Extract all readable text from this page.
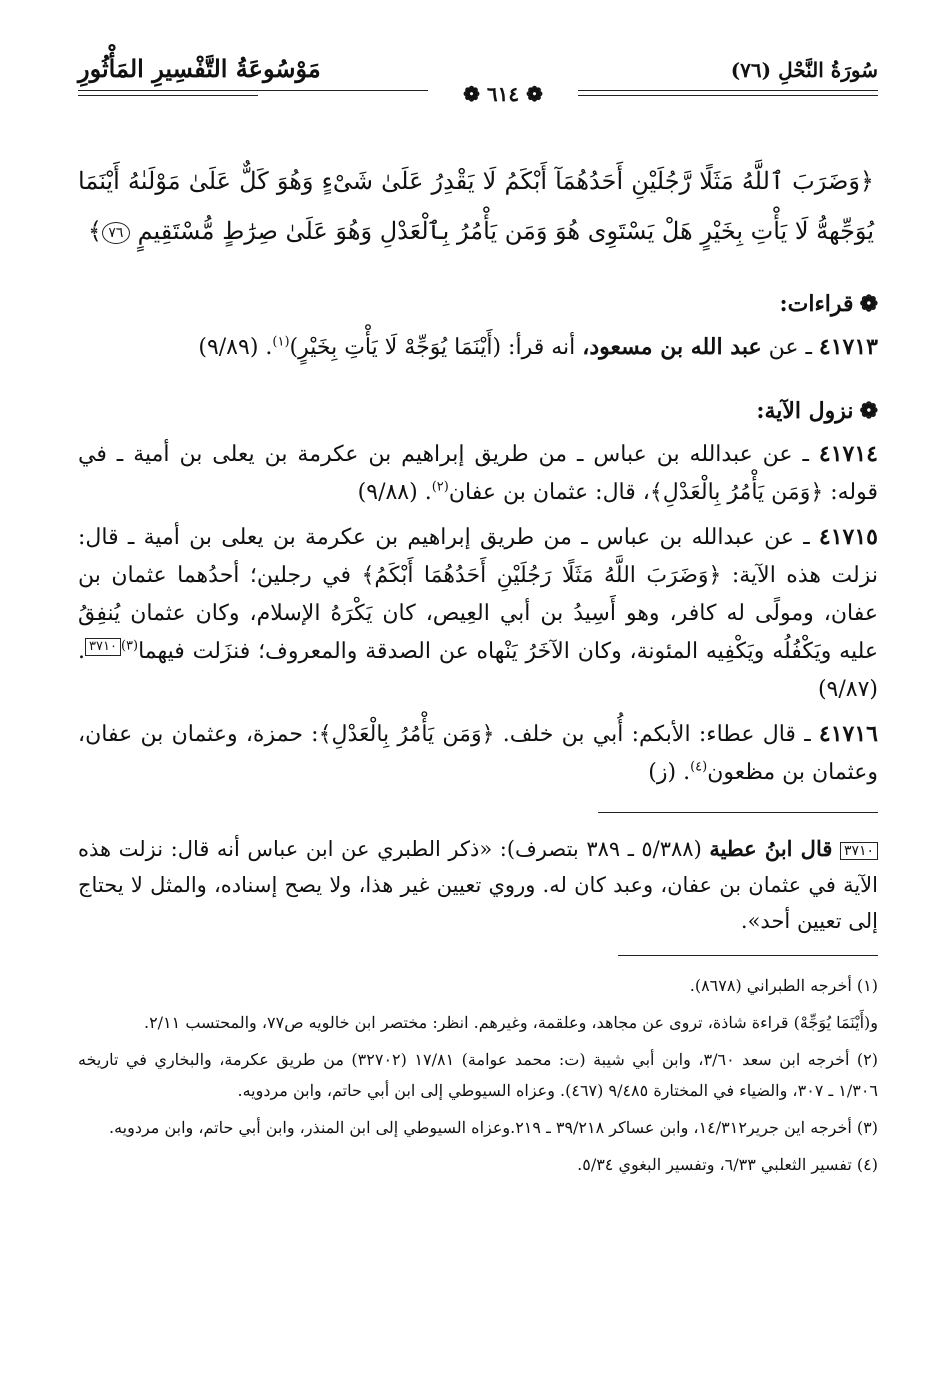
سُورَةُ النَّحْلِ (٧٦)
مَوْسُوعَةُ التَّفْسِيرِ المَأْثُورِ
❁ ٦١٤ ❁
﴿وَضَرَبَ ٱللَّهُ مَثَلًا رَّجُلَيْنِ أَحَدُهُمَآ أَبْكَمُ لَا يَقْدِرُ عَلَىٰ شَىْءٍ وَهُوَ كَلٌّ عَلَىٰ مَوْلَىٰهُ أَيْنَمَا يُوَجِّههُّ لَا يَأْتِ بِخَيْرٍ هَلْ يَسْتَوِى هُوَ وَمَن يَأْمُرُ بِٱلْعَدْلِ وَهُوَ عَلَىٰ صِرَٰطٍ مُّسْتَقِيمٍ ٧٦﴾
❁قراءات:
٤١٧١٣ ـ عن عبد الله بن مسعود، أنه قرأ: (أَيْنَمَا يُوَجِّهْ لَا يَأْتِ بِخَيْرٍ)$^{(١)}$. (٩/٨٩)
❁نزول الآية:
٤١٧١٤ ـ عن عبدالله بن عباس ـ من طريق إبراهيم بن عكرمة بن يعلى بن أمية ـ في قوله: ﴿وَمَن يَأْمُرُ بِالْعَدْلِ﴾، قال: عثمان بن عفان$^{(٢)}$. (٩/٨٨)
٤١٧١٥ ـ عن عبدالله بن عباس ـ من طريق إبراهيم بن عكرمة بن يعلى بن أمية ـ قال: نزلت هذه الآية: ﴿وَضَرَبَ اللَّهُ مَثَلًا رَجُلَيْنِ أَحَدُهُمَا أَبْكَمُ﴾ في رجلين؛ أحدُهما عثمان بن عفان، ومولًى له كافر، وهو أَسِيدُ بن أبي العِيص، كان يَكْرَهُ الإسلام، وكان عثمان يُنفِقُ عليه ويَكْفُلُه ويَكْفِيه المئونة، وكان الآخَرُ يَنْهاه عن الصدقة والمعروف؛ فنزَلت فيهما$^{(٣)}$٣٧١٠. (٩/٨٧)
٤١٧١٦ ـ قال عطاء: الأبكم: أُبي بن خلف. ﴿وَمَن يَأْمُرُ بِالْعَدْلِ﴾: حمزة، وعثمان بن عفان، وعثمان بن مظعون$^{(٤)}$. (ز)
٣٧١٠ قال ابنُ عطية (٥/٣٨٨ ـ ٣٨٩ بتصرف): «ذكر الطبري عن ابن عباس أنه قال: نزلت هذه الآية في عثمان بن عفان، وعبد كان له. وروي تعيين غير هذا، ولا يصح إسناده، والمثل لا يحتاج إلى تعيين أحد».
(١) أخرجه الطبراني (٨٦٧٨).
و(أَيْنَمَا يُوَجِّهْ) قراءة شاذة، تروى عن مجاهد، وعلقمة، وغيرهم. انظر: مختصر ابن خالويه ص٧٧، والمحتسب ٢/١١.
(٢) أخرجه ابن سعد ٣/٦٠، وابن أبي شيبة (ت: محمد عوامة) ١٧/٨١ (٣٢٧٠٢) من طريق عكرمة، والبخاري في تاريخه ١/٣٠٦ ـ ٣٠٧، والضياء في المختارة ٩/٤٨٥ (٤٦٧). وعزاه السيوطي إلى ابن أبي حاتم، وابن مردويه.
(٣) أخرجه اين جرير١٤/٣١٢، وابن عساكر ٣٩/٢١٨ ـ ٢١٩.وعزاه السيوطي إلى ابن المنذر، وابن أبي حاتم، وابن مردويه.
(٤) تفسير الثعلبي ٦/٣٣، وتفسير البغوي ٥/٣٤.
